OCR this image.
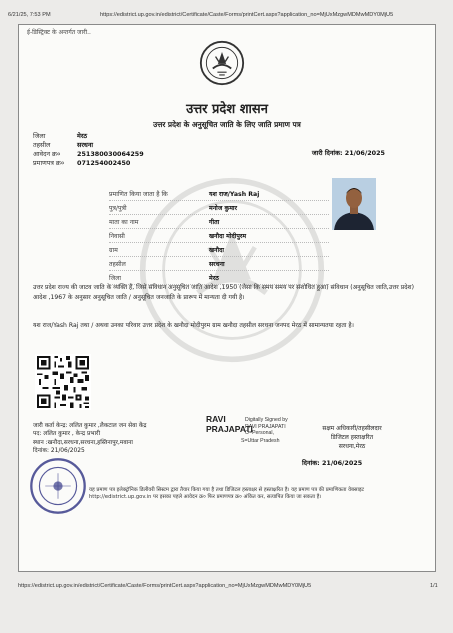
6/21/25, 7:53 PM	https://edistrict.up.gov.in/edistrict/Certificate/Caste/Forms/printCert.aspx?application_no=MjUxMzgwMDMwMDY0MjU5
ई-डिस्ट्रिक्ट के अन्तर्गत जारी..
उत्तर प्रदेश शासन
उत्तर प्रदेश के अनुसूचित जाति के लिए जाति प्रमाण पत्र
जिला	मेरठ
तहसील	सरधना
आवेदन क्र०	251380030064259
प्रमाणपत्र क्र०	071254002450
जारी दिनांक: 21/06/2025
प्रमाणित किया जाता है कि	यश राज/Yash Raj
पुत्र/पुत्री	मनोज कुमार
माता का नाम	गीता
निवासी	खनौदा मोदीपुरम
ग्राम	खनौदा
तहसील	सरधना
जिला	मेरठ
उत्तर प्रदेश राज्य की जाटव जाति के व्यक्ति हैं, जिसे संविधान अनुसूचित जाति आदेश ,1950 (जैसा कि समय समय पर संशोधित हुआ) संविधान (अनुसूचित जाति,उत्तर प्रदेश) आदेश ,1967 के अनुसार अनुसूचित जाति / अनुसूचित जनजाति के प्रारूप में मान्यता दी गयी है।
यश राज/Yash Raj तथा / अथवा उनका परिवार उत्तर प्रदेश के खनौदा मोदीपुरम ग्राम खनौदा तहसील सरधना जनपद मेरठ में सामान्यतया रहता है।
जारी कर्ता केन्द्र: ललित कुमार ,लैकटाल जन सेवा केंद्र
पद: ललित कुमार , केन्द्र प्रभारी
स्थान :खनौदा,सरधना,सरधना,हस्तिनापुर,मवाना
दिनांक: 21/06/2025
RAVI
PRAJAPATI
Digitally Signed by
RAVI PRAJAPATI
O=Personal,
S=Uttar Pradesh
सक्षम अधिकारी/तहसीलदार
डिजिटल हस्ताक्षरित
सरधना,मेरठ
दिनांक: 21/06/2025
यह प्रमाण पत्र इलेक्ट्रॉनिक डिलीवरी सिस्टम द्वारा तैयार किया गया है तथा डिजिटल हस्ताक्षर से हस्ताक्षरित है। यह प्रमाण पत्र की प्रमाणिकता वेबसाइट http://edistrict.up.gov.in पर इसका पहले आवेदन क्र० फिर प्रमाणपत्र क्र० अंकित कर, सत्यापित किया जा सकता है।
https://edistrict.up.gov.in/edistrict/Certificate/Caste/Forms/printCert.aspx?application_no=MjUxMzgwMDMwMDY0MjU5	1/1
